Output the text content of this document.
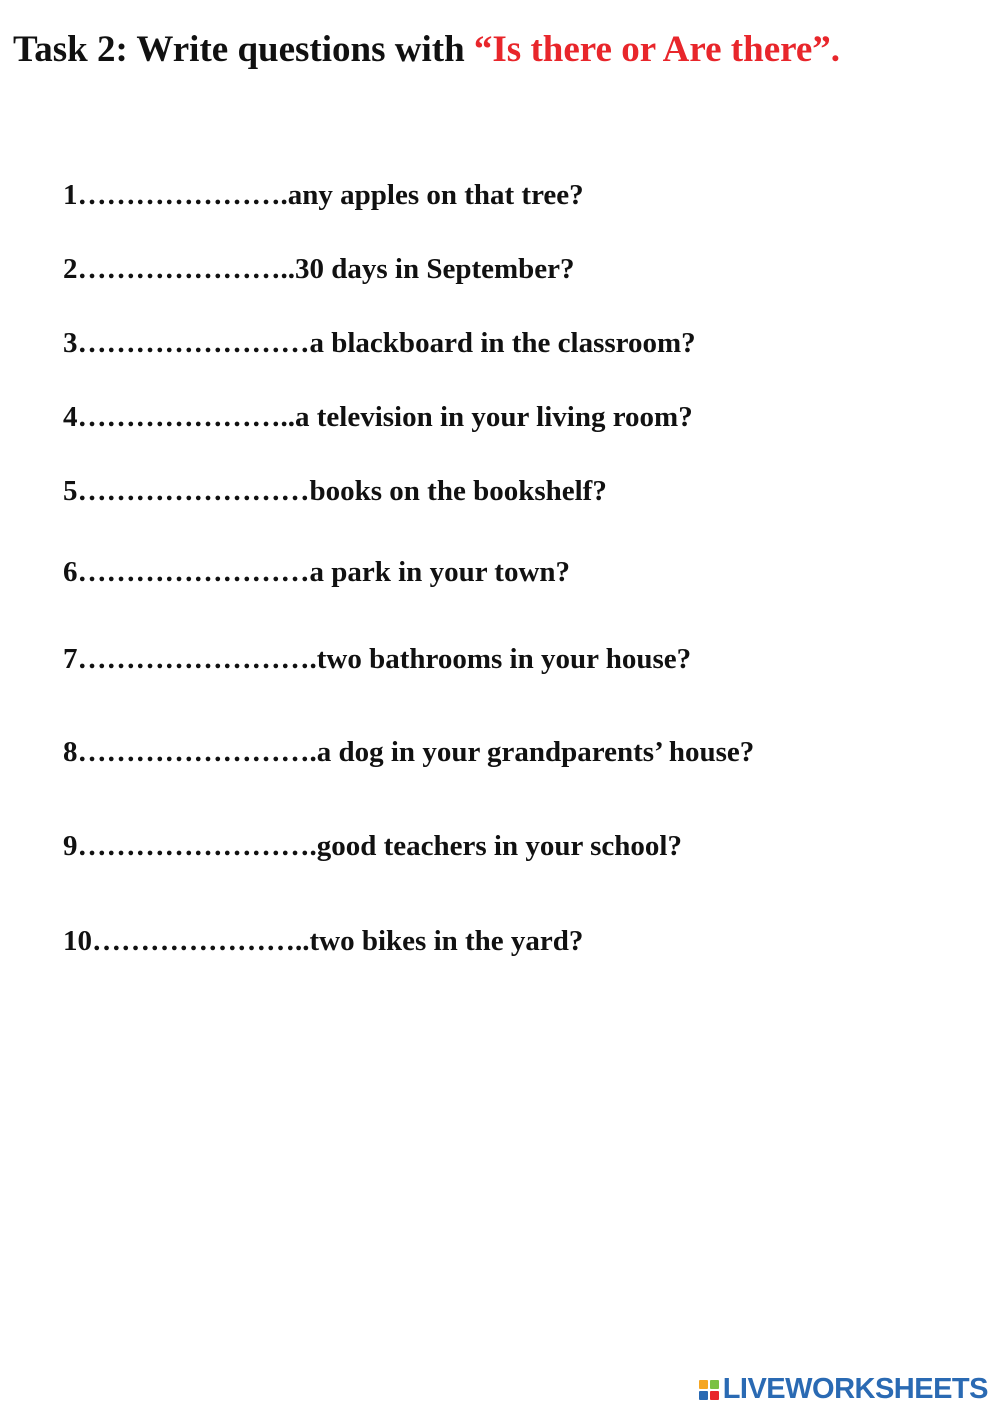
Task 2: Write questions with “Is there or Are there”.
1………………….any apples on that tree?
2…………………..30 days in September?
3……………………a blackboard in the classroom?
4…………………..a television in your living room?
5……………………books on the bookshelf?
6……………………a park in your town?
7…………………….two bathrooms in your house?
8…………………….a dog in your grandparents’ house?
9…………………….good teachers in your school?
10…………………..two bikes in the yard?
LIVEWORKSHEETS
